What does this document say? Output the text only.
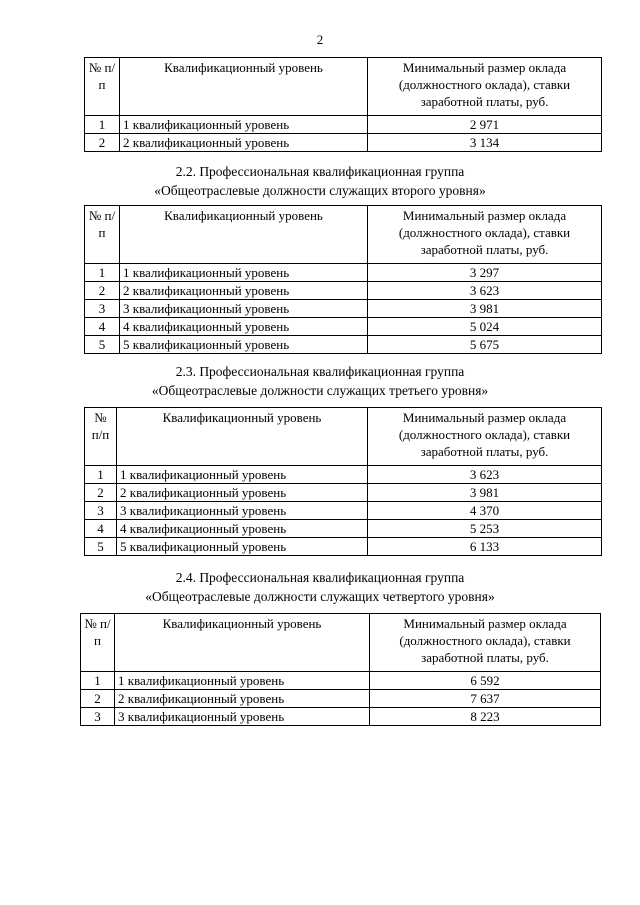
2
№ п/п	Квалификационный уровень	Минимальный размер оклада (должностного оклада), ставки заработной платы, руб.
1	1 квалификационный уровень	2 971
2	2 квалификационный уровень	3 134
2.2. Профессиональная квалификационная группа
«Общеотраслевые должности служащих второго уровня»
№ п/п	Квалификационный уровень	Минимальный размер оклада (должностного оклада), ставки заработной платы, руб.
1	1 квалификационный уровень	3 297
2	2 квалификационный уровень	3 623
3	3 квалификационный уровень	3 981
4	4 квалификационный уровень	5 024
5	5 квалификационный уровень	5 675
2.3. Профессиональная квалификационная группа
«Общеотраслевые должности служащих третьего уровня»
№ п/п	Квалификационный уровень	Минимальный размер оклада (должностного оклада), ставки заработной платы, руб.
1	1 квалификационный уровень	3 623
2	2 квалификационный уровень	3 981
3	3 квалификационный уровень	4 370
4	4 квалификационный уровень	5 253
5	5 квалификационный уровень	6 133
2.4. Профессиональная квалификационная группа
«Общеотраслевые должности служащих четвертого уровня»
№ п/п	Квалификационный уровень	Минимальный размер оклада (должностного оклада), ставки заработной платы, руб.
1	1 квалификационный уровень	6 592
2	2 квалификационный уровень	7 637
3	3 квалификационный уровень	8 223
